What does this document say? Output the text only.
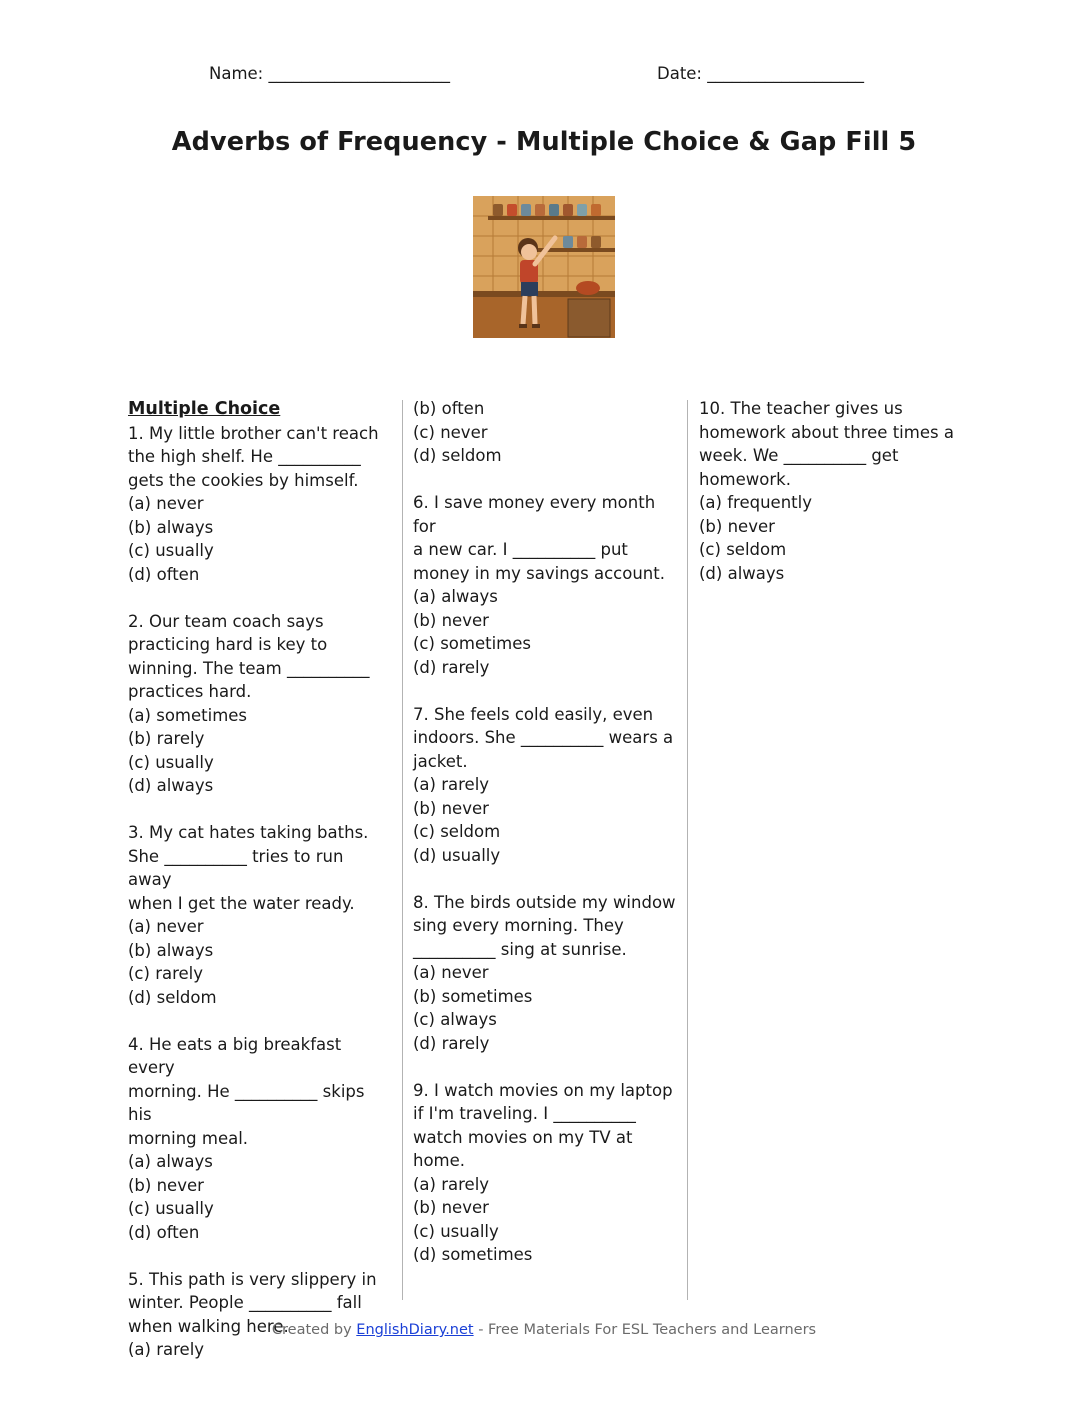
Name: ______________________	Date: ___________________
Adverbs of Frequency - Multiple Choice & Gap Fill 5
Multiple Choice
1. My little brother can't reach
the high shelf. He __________
gets the cookies by himself.
(a) never
(b) always
(c) usually
(d) often

2. Our team coach says
practicing hard is key to
winning. The team __________
practices hard.
(a) sometimes
(b) rarely
(c) usually
(d) always

3. My cat hates taking baths.
She __________ tries to run away
when I get the water ready.
(a) never
(b) always
(c) rarely
(d) seldom

4. He eats a big breakfast every
morning. He __________ skips his
morning meal.
(a) always
(b) never
(c) usually
(d) often

5. This path is very slippery in
winter. People __________ fall
when walking here.
(a) rarely
(b) often
(c) never
(d) seldom

6. I save money every month for
a new car. I __________ put
money in my savings account.
(a) always
(b) never
(c) sometimes
(d) rarely

7. She feels cold easily, even
indoors. She __________ wears a
jacket.
(a) rarely
(b) never
(c) seldom
(d) usually

8. The birds outside my window
sing every morning. They
__________ sing at sunrise.
(a) never
(b) sometimes
(c) always
(d) rarely

9. I watch movies on my laptop
if I'm traveling. I __________
watch movies on my TV at
home.
(a) rarely
(b) never
(c) usually
(d) sometimes
10. The teacher gives us
homework about three times a
week. We __________ get
homework.
(a) frequently
(b) never
(c) seldom
(d) always
Created by EnglishDiary.net - Free Materials For ESL Teachers and Learners
